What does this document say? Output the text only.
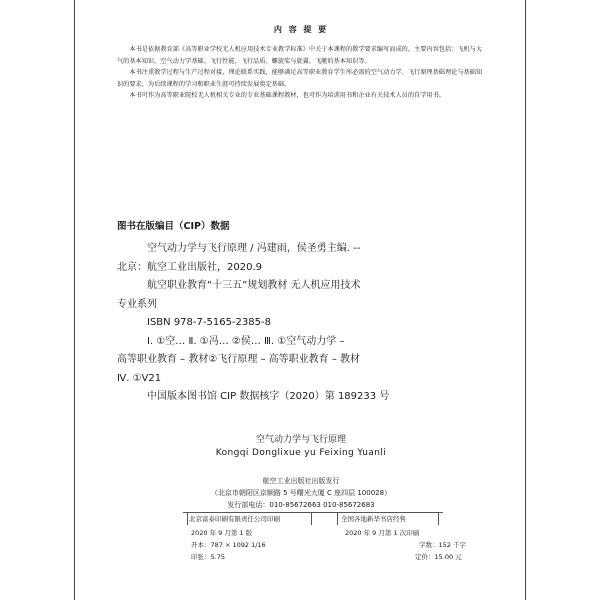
内 容 提 要

本书是依据教育部《高等职业学校无人机应用技术专业教学标准》中关于本课程的教学要求编写而成的，主要内容包括：飞机与大气的基本知识、空气动力学基础、飞行性能、飞行品质、螺旋桨与旋翼、飞艇的基本知识等。

本书注重教学过程与生产过程对接，理论联系实践，能够满足高等职业教育学生所必需的空气动力学、飞行原理基础理论与基础知识的要求，为后续课程的学习和职业生涯可持续发展奠定基础。

本书可作为高等职业院校无人机相关专业的专业基础课程教材，也可作为培训用书和企业有关技术人员的自学用书。

图书在版编目（CIP）数据
空气动力学与飞行原理 / 冯建雨，侯圣勇主编. --
北京：航空工业出版社，2020.9
航空职业教育“十三五”规划教材 无人机应用技术
专业系列
ISBN 978-7-5165-2385-8
Ⅰ. ①空… Ⅱ. ①冯… ②侯… Ⅲ. ①空气动力学 –
高等职业教育 – 教材②飞行原理 – 高等职业教育 – 教材
Ⅳ. ①V21
中国版本图书馆 CIP 数据核字（2020）第 189233 号
空气动力学与飞行原理
Kongqi Donglixue yu Feixing Yuanli
航空工业出版社出版发行
（北京市朝阳区京顺路 5 号曙光大厦 C 座四层 100028）
发行部电话：010-85672663 010-85672683
北京富泰印刷有限责任公司印刷	全国各地新华书店经售
2020 年 9 月第 1 版	2020 年 9 月第 1 次印刷
开本：787 × 1092 1/16	字数：152 千字
印张：5.75	定价：15.00 元
